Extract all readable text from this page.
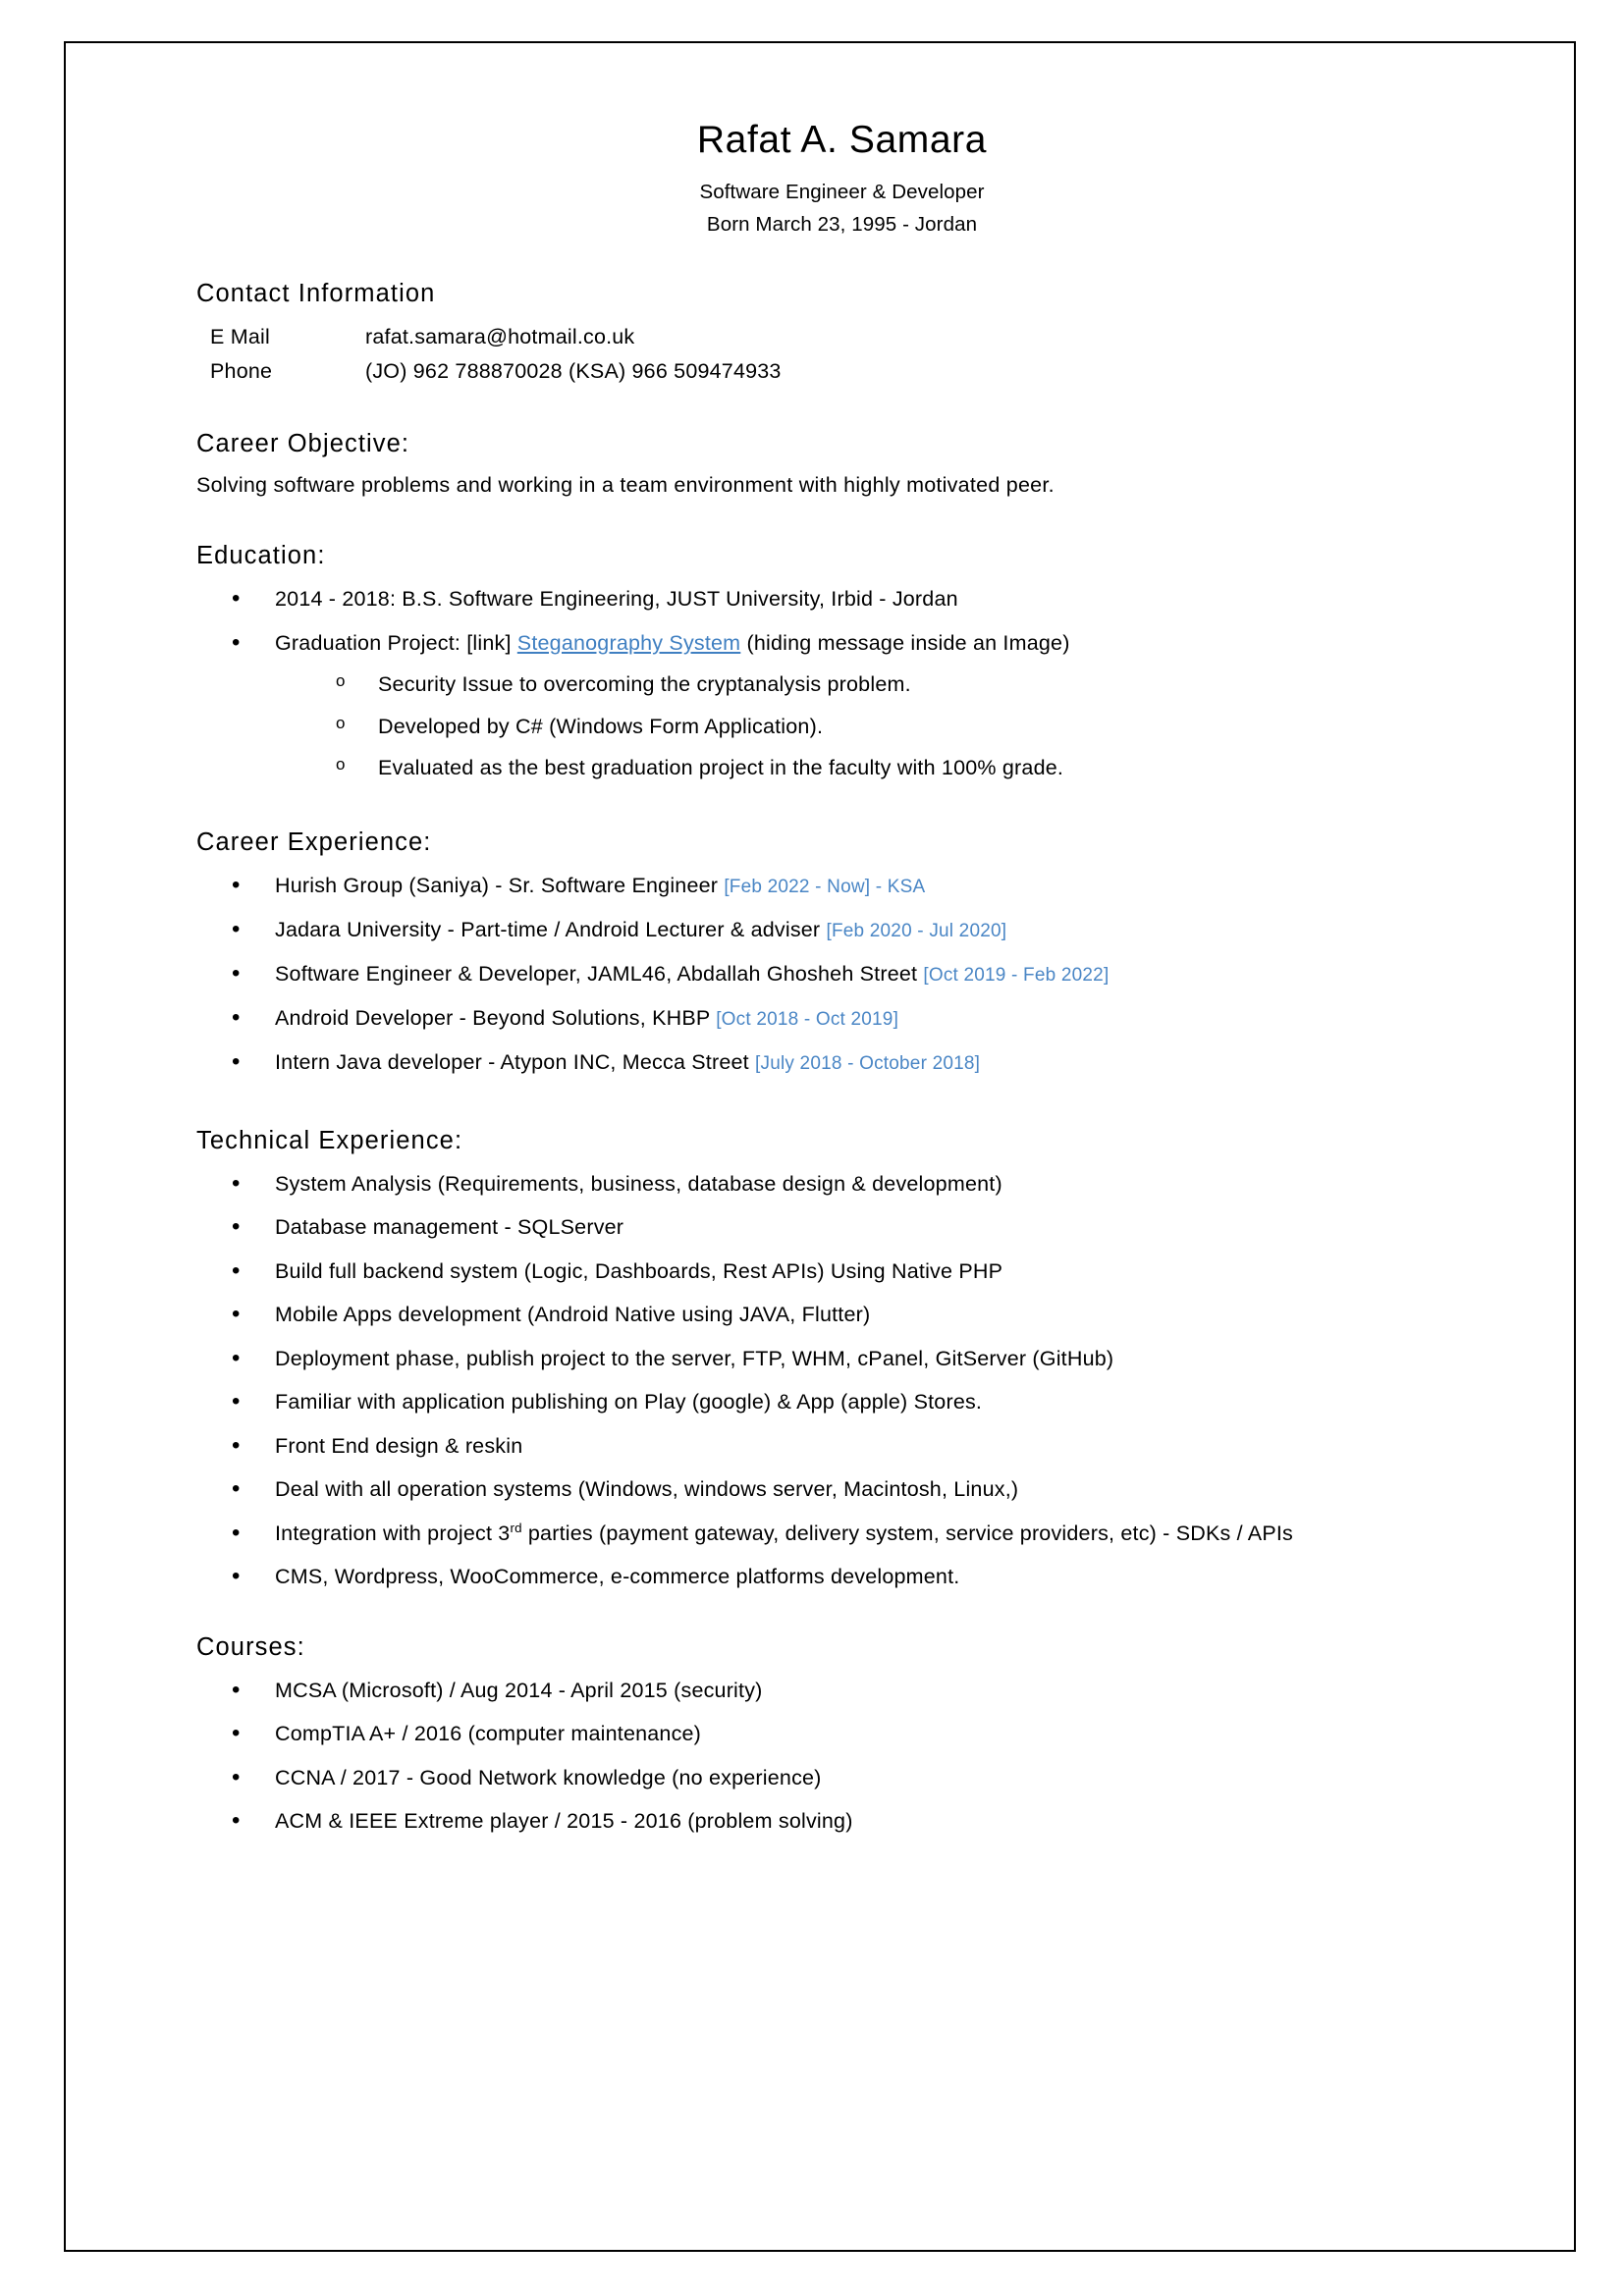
Rafat A. Samara
Software Engineer & Developer
Born March 23, 1995 - Jordan
Contact Information
E Mail	rafat.samara@hotmail.co.uk
Phone	(JO) 962 788870028 (KSA) 966 509474933
Career Objective:

Solving software problems and working in a team environment with highly motivated peer.

Education:
• 2014 - 2018: B.S. Software Engineering, JUST University, Irbid - Jordan
• Graduation Project: [link] Steganography System (hiding message inside an Image)
o Security Issue to overcoming the cryptanalysis problem.
o Developed by C# (Windows Form Application).
o Evaluated as the best graduation project in the faculty with 100% grade.
Career Experience:
• Hurish Group (Saniya) - Sr. Software Engineer [Feb 2022 - Now] - KSA
• Jadara University - Part-time / Android Lecturer & adviser [Feb 2020 - Jul 2020]
• Software Engineer & Developer, JAML46, Abdallah Ghosheh Street [Oct 2019 - Feb 2022]
• Android Developer - Beyond Solutions, KHBP [Oct 2018 - Oct 2019]
• Intern Java developer - Atypon INC, Mecca Street [July 2018 - October 2018]
Technical Experience:
• System Analysis (Requirements, business, database design & development)
• Database management - SQLServer
• Build full backend system (Logic, Dashboards, Rest APIs) Using Native PHP
• Mobile Apps development (Android Native using JAVA, Flutter)
• Deployment phase, publish project to the server, FTP, WHM, cPanel, GitServer (GitHub)
• Familiar with application publishing on Play (google) & App (apple) Stores.
• Front End design & reskin
• Deal with all operation systems (Windows, windows server, Macintosh, Linux,)
• Integration with project 3rd parties (payment gateway, delivery system, service providers, etc) - SDKs / APIs
• CMS, Wordpress, WooCommerce, e-commerce platforms development.
Courses:
• MCSA (Microsoft) / Aug 2014 - April 2015 (security)
• CompTIA A+ / 2016 (computer maintenance)
• CCNA / 2017 - Good Network knowledge (no experience)
• ACM & IEEE Extreme player / 2015 - 2016 (problem solving)
